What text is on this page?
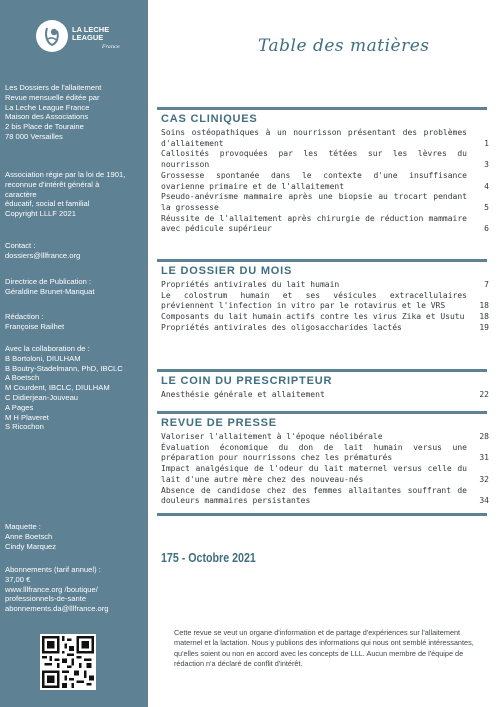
LA LECHE LEAGUE
France
Les Dossiers de l'allaitement
Revue mensuelle éditée par
La Leche League France
Maison des Associations
2 bis Place de Touraine
78 000 Versailles
Association régie par la loi de 1901,
reconnue d'intérêt général à
caractère
éducatif, social et familial
Copyright LLLF 2021
Contact :
dossiers@lllfrance.org
Directrice de Publication :
Géraldine Brunet-Manquat
Rédaction :
Françoise Railhet
Avec la collaboration de :
B Bortoloni, DIULHAM
B Boutry-Stadelmann, PhD, IBCLC
A Boetsch
M Courdent, IBCLC, DIULHAM
C Didierjean-Jouveau
A Pages
M H Plaveret
S Ricochon
Maquette :
Anne Boetsch
Cindy Marquez
Abonnements (tarif annuel) :
37,00 €
www.lllfrance.org /boutique/
professionnels-de-sante
abonnements.da@lllfrance.org
Table des matières
CAS CLINIQUES
Soins ostéopathiques à un nourrisson présentant des problèmes d'allaitement	1
Callosités provoquées par les tétées sur les lèvres du nourrisson	3
Grossesse spontanée dans le contexte d'une insuffisance ovarienne primaire et de l'allaitement	4
Pseudo-anévrisme mammaire après une biopsie au trocart pendant la grossesse	5
Réussite de l'allaitement après chirurgie de réduction mammaire avec pédicule supérieur	6
LE DOSSIER DU MOIS
Propriétés antivirales du lait humain	7
Le colostrum humain et ses vésicules extracellulaires préviennent l'infection in vitro par le rotavirus et le VRS	18
Composants du lait humain actifs contre les virus Zika et Usutu 18
Propriétés antivirales des oligosaccharides lactés	19
LE COIN DU PRESCRIPTEUR
Anesthésie générale et allaitement	22
REVUE DE PRESSE
Valoriser l'allaitement à l'époque néolibérale	28
Évaluation économique du don de lait humain versus une préparation pour nourrissons chez les prématurés	31
Impact analgésique de l'odeur du lait maternel versus celle du lait d'une autre mère chez des nouveau-nés	32
Absence de candidose chez des femmes allaitantes souffrant de douleurs mammaires persistantes	34
175 - Octobre 2021
Cette revue se veut un organe d'information et de partage d'expériences sur l'allaitement maternel et la lactation. Nous y publions des informations qui nous ont semblé intéressantes, qu'elles soient ou non en accord avec les concepts de LLL. Aucun membre de l'équipe de rédaction n'a déclaré de conflit d'intérêt.
